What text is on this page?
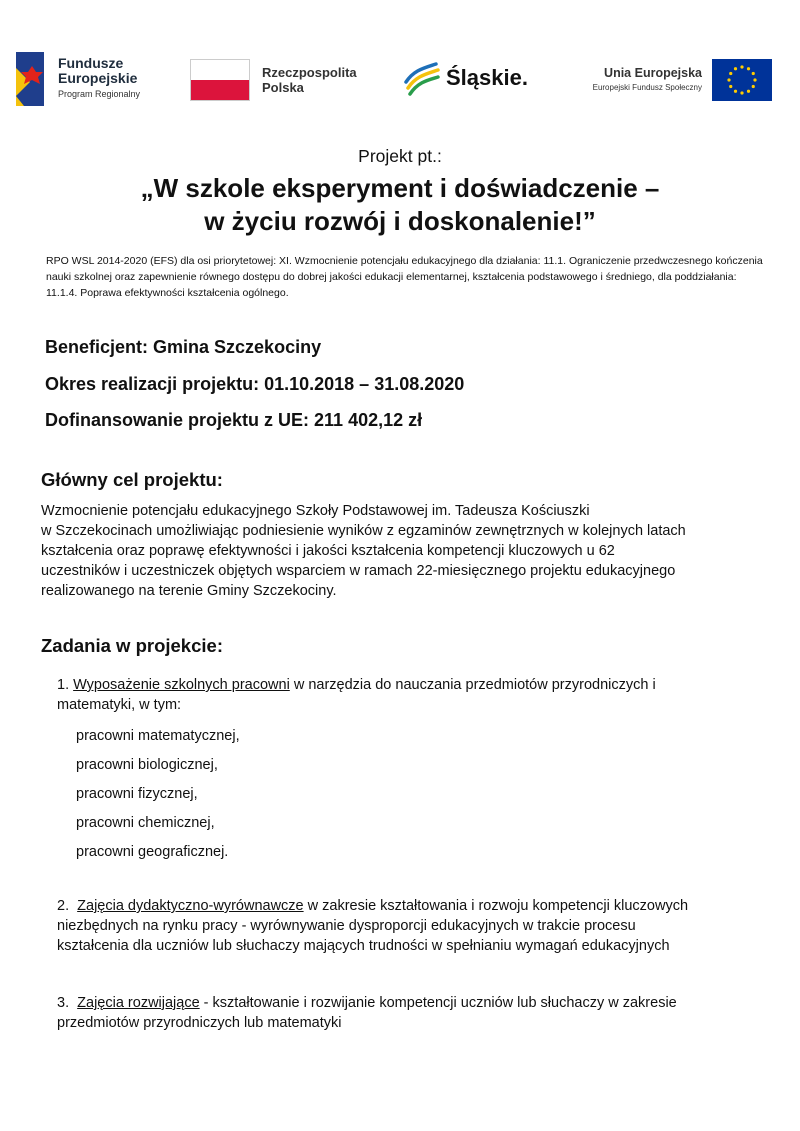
Fundusze
Europejskie
Program Regionalny
Rzeczpospolita
Polska	Śląskie.	Unia Europejska
Europejski Fundusz Społeczny
Projekt pt.:
„W szkole eksperyment i doświadczenie –
w życiu rozwój i doskonalenie!”
RPO WSL 2014-2020 (EFS) dla osi priorytetowej: XI. Wzmocnienie potencjału edukacyjnego dla działania: 11.1. Ograniczenie przedwczesnego kończenia nauki szkolnej oraz zapewnienie równego dostępu do dobrej jakości edukacji elementarnej, kształcenia podstawowego i średniego, dla poddziałania: 11.1.4. Poprawa efektywności kształcenia ogólnego.
Beneficjent: Gmina Szczekociny
Okres realizacji projektu: 01.10.2018 – 31.08.2020
Dofinansowanie projektu z UE: 211 402,12 zł
Główny cel projektu:
Wzmocnienie potencjału edukacyjnego Szkoły Podstawowej im. Tadeusza Kościuszki
w Szczekocinach umożliwiając podniesienie wyników z egzaminów zewnętrznych w kolejnych latach
kształcenia oraz poprawę efektywności i jakości kształcenia kompetencji kluczowych u 62
uczestników i uczestniczek objętych wsparciem w ramach 22-miesięcznego projektu edukacyjnego
realizowanego na terenie Gminy Szczekociny.
Zadania w projekcie:
1. Wyposażenie szkolnych pracowni w narzędzia do nauczania przedmiotów przyrodniczych i
matematyki, w tym:
pracowni matematycznej,
pracowni biologicznej,
pracowni fizycznej,
pracowni chemicznej,
pracowni geograficznej.
2.  Zajęcia dydaktyczno-wyrównawcze w zakresie kształtowania i rozwoju kompetencji kluczowych
niezbędnych na rynku pracy - wyrównywanie dysproporcji edukacyjnych w trakcie procesu
kształcenia dla uczniów lub słuchaczy mających trudności w spełnianiu wymagań edukacyjnych
3.  Zajęcia rozwijające - kształtowanie i rozwijanie kompetencji uczniów lub słuchaczy w zakresie
przedmiotów przyrodniczych lub matematyki
